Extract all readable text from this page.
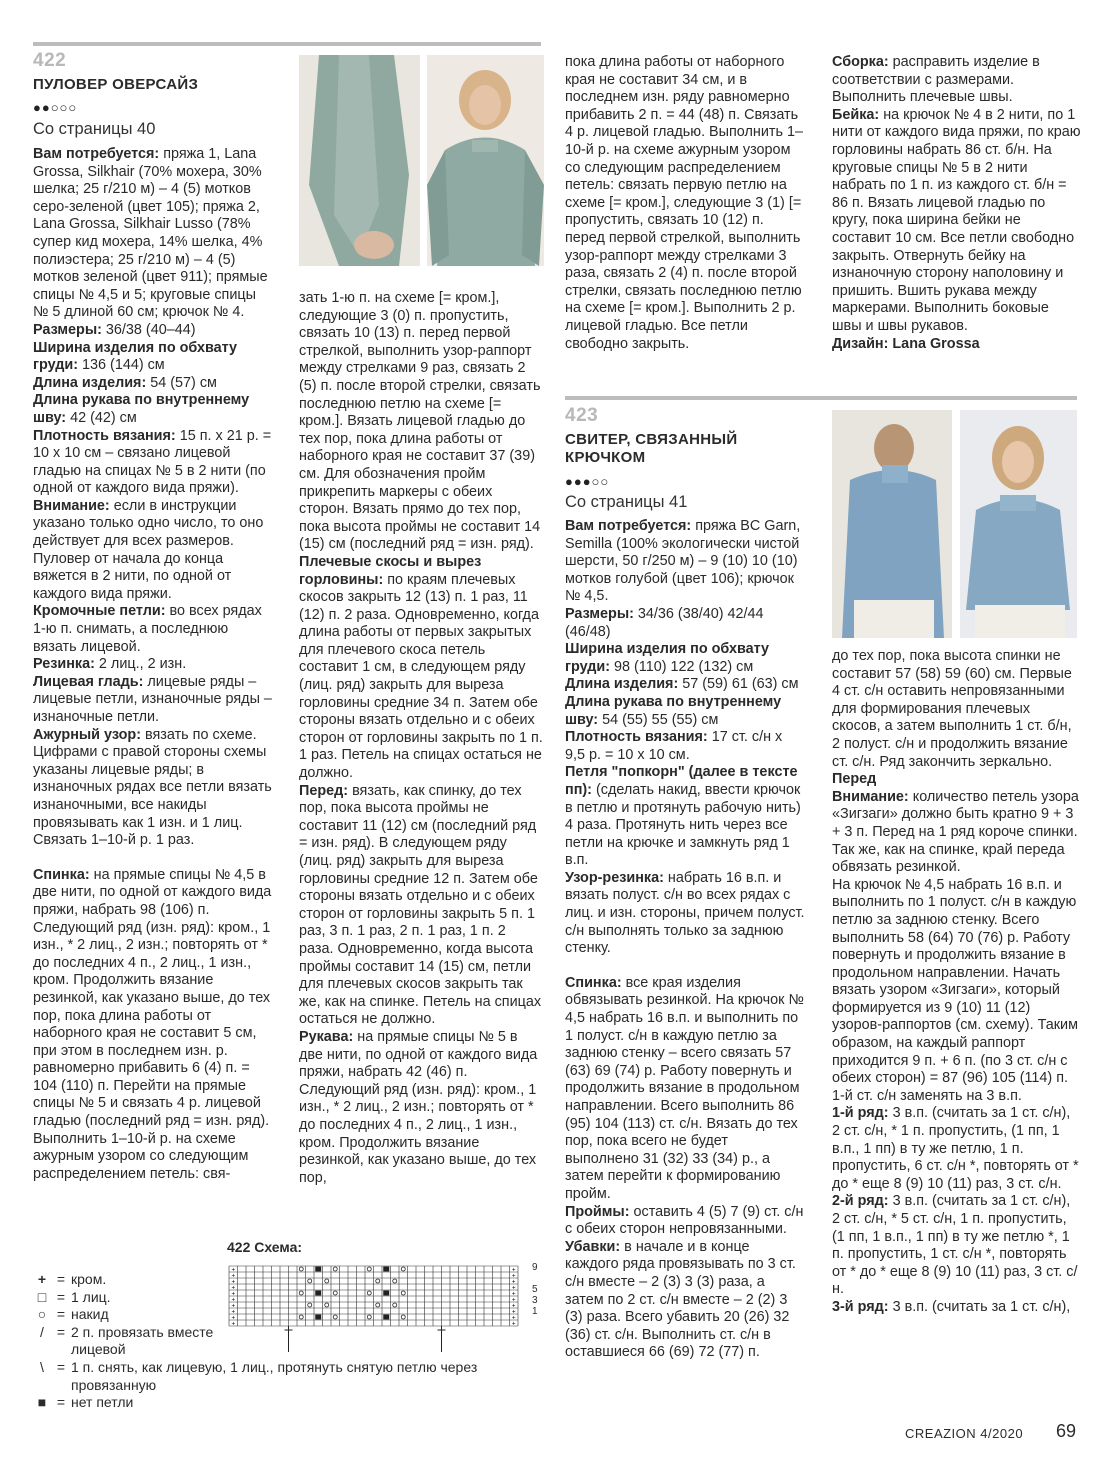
422
ПУЛОВЕР ОВЕРСАЙЗ
●●○○○
Со страницы 40

Вам потребуется: пряжа 1, Lana Grossa, Silkhair (70% мохера, 30% шелка; 25 г/210 м) – 4 (5) мотков серо-зеленой (цвет 105); пряжа 2, Lana Grossa, Silkhair Lusso (78% супер кид мохера, 14% шелка, 4% полиэстера; 25 г/210 м) – 4 (5) мотков зеленой (цвет 911); прямые спицы № 4,5 и 5; круговые спицы № 5 длиной 60 см; крючок № 4.

Размеры: 36/38 (40–44)

Ширина изделия по обхвату груди: 136 (144) см

Длина изделия: 54 (57) см

Длина рукава по внутреннему шву: 42 (42) см

Плотность вязания: 15 п. х 21 р. = 10 х 10 см – связано лицевой гладью на спицах № 5 в 2 нити (по одной от каждого вида пряжи).

Внимание: если в инструкции указано только одно число, то оно действует для всех размеров. Пуловер от начала до конца вяжется в 2 нити, по одной от каждого вида пряжи.

Кромочные петли: во всех рядах 1-ю п. снимать, а последнюю вязать лицевой.

Резинка: 2 лиц., 2 изн.

Лицевая гладь: лицевые ряды – лицевые петли, изнаночные ряды – изнаночные петли.

Ажурный узор: вязать по схеме. Цифрами с правой стороны схемы указаны лицевые ряды; в изнаночных рядах все петли вязать изнаночными, все накиды провязывать как 1 изн. и 1 лиц. Связать 1–10-й р. 1 раз.

Спинка: на прямые спицы № 4,5 в две нити, по одной от каждого вида пряжи, набрать 98 (106) п. Следующий ряд (изн. ряд): кром., 1 изн., * 2 лиц., 2 изн.; повторять от * до последних 4 п., 2 лиц., 1 изн., кром. Продолжить вязание резинкой, как указано выше, до тех пор, пока длина работы от наборного края не составит 5 см, при этом в последнем изн. р. равномерно прибавить 6 (4) п. = 104 (110) п. Перейти на прямые спицы № 5 и связать 4 р. лицевой гладью (последний ряд = изн. ряд). Выполнить 1–10-й р. на схеме ажурным узором со следующим распределением петель: свя-

зать 1-ю п. на схеме [= кром.], следующие 3 (0) п. пропустить, связать 10 (13) п. перед первой стрелкой, выполнить узор-раппорт между стрелками 9 раз, связать 2 (5) п. после второй стрелки, связать последнюю петлю на схеме [= кром.]. Вязать лицевой гладью до тех пор, пока длина работы от наборного края не составит 37 (39) см. Для обозначения пройм прикрепить маркеры с обеих сторон. Вязать прямо до тех пор, пока высота проймы не составит 14 (15) см (последний ряд = изн. ряд).

Плечевые скосы и вырез горловины: по краям плечевых скосов закрыть 12 (13) п. 1 раз, 11 (12) п. 2 раза. Одновременно, когда длина работы от первых закрытых для плечевого скоса петель составит 1 см, в следующем ряду (лиц. ряд) закрыть для выреза горловины средние 34 п. Затем обе стороны вязать отдельно и с обеих сторон от горловины закрыть по 1 п. 1 раз. Петель на спицах остаться не должно.

Перед: вязать, как спинку, до тех пор, пока высота проймы не составит 11 (12) см (последний ряд = изн. ряд). В следующем ряду (лиц. ряд) закрыть для выреза горловины средние 12 п. Затем обе стороны вязать отдельно и с обеих сторон от горловины закрыть 5 п. 1 раз, 3 п. 1 раз, 2 п. 1 раз, 1 п. 2 раза. Одновременно, когда высота проймы составит 14 (15) см, петли для плечевых скосов закрыть так же, как на спинке. Петель на спицах остаться не должно.

Рукава: на прямые спицы № 5 в две нити, по одной от каждого вида пряжи, набрать 42 (46) п. Следующий ряд (изн. ряд): кром., 1 изн., * 2 лиц., 2 изн.; повторять от * до последних 4 п., 2 лиц., 1 изн., кром. Продолжить вязание резинкой, как указано выше, до тех пор,

пока длина работы от наборного края не составит 34 см, и в последнем изн. ряду равномерно прибавить 2 п. = 44 (48) п. Связать 4 р. лицевой гладью. Выполнить 1–10-й р. на схеме ажурным узором со следующим распределением петель: связать первую петлю на схеме [= кром.], следующие 3 (1) [= пропустить, связать 10 (12) п. перед первой стрелкой, выполнить узор-раппорт между стрелками 3 раза, связать 2 (4) п. после второй стрелки, связать последнюю петлю на схеме [= кром.]. Выполнить 2 р. лицевой гладью. Все петли свободно закрыть.

Сборка: расправить изделие в соответствии с размерами. Выполнить плечевые швы.

Бейка: на крючок № 4 в 2 нити, по 1 нити от каждого вида пряжи, по краю горловины набрать 86 ст. б/н. На круговые спицы № 5 в 2 нити набрать по 1 п. из каждого ст. б/н = 86 п. Вязать лицевой гладью по кругу, пока ширина бейки не составит 10 см. Все петли свободно закрыть. Отвернуть бейку на изнаночную сторону наполовину и пришить. Вшить рукава между маркерами. Выполнить боковые швы и швы рукавов.

Дизайн: Lana Grossa

423
СВИТЕР, СВЯЗАННЫЙ
КРЮЧКОМ
●●●○○
Со страницы 41

Вам потребуется: пряжа BC Garn, Semilla (100% экологически чистой шерсти, 50 г/250 м) – 9 (10) 10 (10) мотков голубой (цвет 106); крючок № 4,5.

Размеры: 34/36 (38/40) 42/44 (46/48)

Ширина изделия по обхвату груди: 98 (110) 122 (132) см

Длина изделия: 57 (59) 61 (63) см

Длина рукава по внутреннему шву: 54 (55) 55 (55) см

Плотность вязания: 17 ст. с/н х 9,5 р. = 10 х 10 см.

Петля "попкорн" (далее в тексте пп): (сделать накид, ввести крючок в петлю и протянуть рабочую нить) 4 раза. Протянуть нить через все петли на крючке и замкнуть ряд 1 в.п.

Узор-резинка: набрать 16 в.п. и вязать полуст. с/н во всех рядах с лиц. и изн. стороны, причем полуст. с/н выполнять только за заднюю стенку.

Спинка: все края изделия обвязывать резинкой. На крючок № 4,5 набрать 16 в.п. и выполнить по 1 полуст. с/н в каждую петлю за заднюю стенку – всего связать 57 (63) 69 (74) р. Работу повернуть и продолжить вязание в продольном направлении. Всего выполнить 86 (95) 104 (113) ст. с/н. Вязать до тех пор, пока всего не будет выполнено 31 (32) 33 (34) р., а затем перейти к формированию пройм.

Проймы: оставить 4 (5) 7 (9) ст. с/н с обеих сторон непровязанными.

Убавки: в начале и в конце каждого ряда провязывать по 3 ст. с/н вместе – 2 (3) 3 (3) раза, а затем по 2 ст. с/н вместе – 2 (2) 3 (3) раза. Всего убавить 20 (26) 32 (36) ст. с/н. Выполнить ст. с/н в оставшиеся 66 (69) 72 (77) п.

до тех пор, пока высота спинки не составит 57 (58) 59 (60) см. Первые 4 ст. с/н оставить непровязанными для формирования плечевых скосов, а затем выполнить 1 ст. б/н, 2 полуст. с/н и продолжить вязание ст. с/н. Ряд закончить зеркально.

Перед

Внимание: количество петель узора «Зигзаги» должно быть кратно 9 + 3 + 3 п. Перед на 1 ряд короче спинки. Так же, как на спинке, край переда обвязать резинкой.

На крючок № 4,5 набрать 16 в.п. и выполнить по 1 полуст. с/н в каждую петлю за заднюю стенку. Всего выполнить 58 (64) 70 (76) р. Работу повернуть и продолжить вязание в продольном направлении. Начать вязать узором «Зигзаги», который формируется из 9 (10) 11 (12) узоров-раппортов (см. схему). Таким образом, на каждый раппорт приходится 9 п. + 6 п. (по 3 ст. с/н с обеих сторон) = 87 (96) 105 (114) п. 1-й ст. с/н заменять на 3 в.п.

1-й ряд: 3 в.п. (считать за 1 ст. с/н), 2 ст. с/н, * 1 п. пропустить, (1 пп, 1 в.п., 1 пп) в ту же петлю, 1 п. пропустить, 6 ст. с/н *, повторять от * до * еще 8 (9) 10 (11) раз, 3 ст. с/н.

2-й ряд: 3 в.п. (считать за 1 ст. с/н), 2 ст. с/н, * 5 ст. с/н, 1 п. пропустить, (1 пп, 1 в.п., 1 пп) в ту же петлю *, 1 п. пропустить, 1 ст. с/н *, повторять от * до * еще 8 (9) 10 (11) раз, 3 ст. с/н.

3-й ряд: 3 в.п. (считать за 1 ст. с/н),

422 Схема:
+
+
+
+
+
+
+
+
+
+
+
+
+
+
+
+
+
+
+
+
9
5
3
1
+ = кром.
□ = 1 лиц.
○ = накид
/ = 2 п. провязать вместе лицевой
\ = 1 п. снять, как лицевую, 1 лиц., протянуть снятую петлю через провязанную
■ = нет петли
CREAZION 4/2020 69
